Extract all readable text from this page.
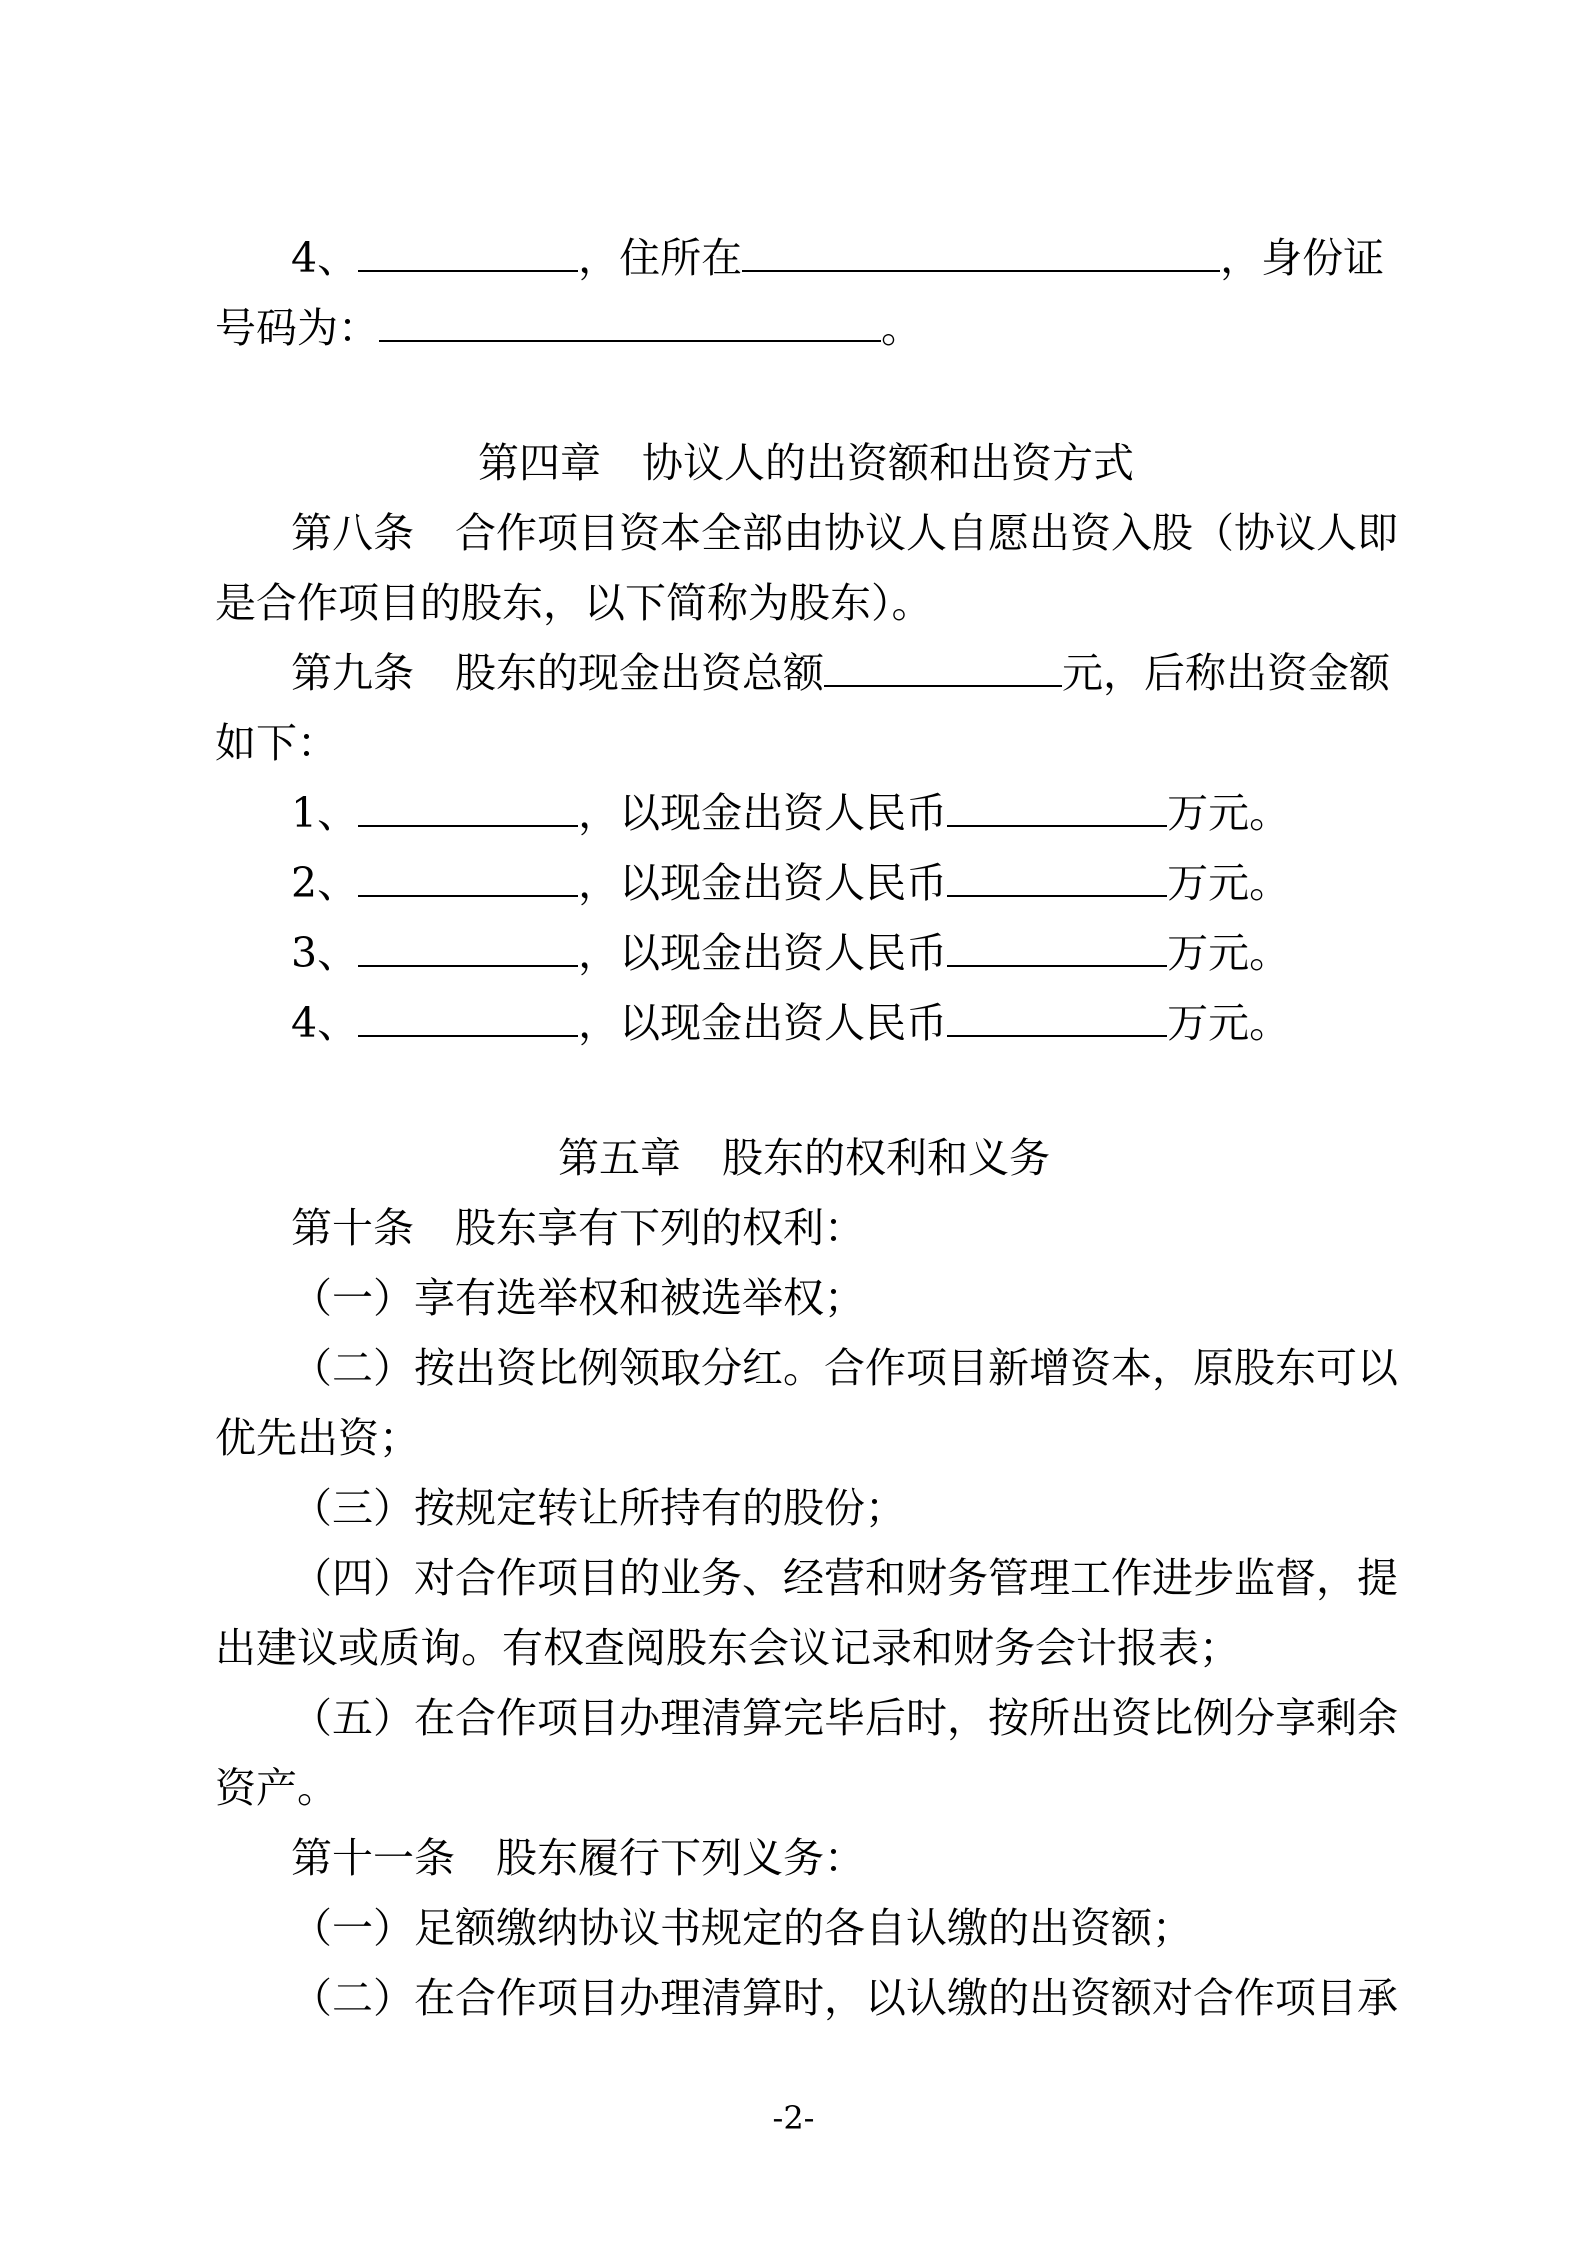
4、	，住所在	，身份证
号码为：	。
第四章　协议人的出资额和出资方式
第八条　合作项目资本全部由协议人自愿出资入股（协议人即
是合作项目的股东，以下简称为股东）。
第九条　股东的现金出资总额	元，后称出资金额
如下：
1、	，以现金出资人民币	万元。
2、	，以现金出资人民币	万元。
3、	，以现金出资人民币	万元。
4、	，以现金出资人民币	万元。
第五章　股东的权利和义务
第十条　股东享有下列的权利：
（一）享有选举权和被选举权；
（二）按出资比例领取分红。合作项目新增资本，原股东可以
优先出资；
（三）按规定转让所持有的股份；
（四）对合作项目的业务、经营和财务管理工作进步监督，提
出建议或质询。有权查阅股东会议记录和财务会计报表；
（五）在合作项目办理清算完毕后时，按所出资比例分享剩余
资产。
第十一条　股东履行下列义务：
（一）足额缴纳协议书规定的各自认缴的出资额；
（二）在合作项目办理清算时，以认缴的出资额对合作项目承
-2-
